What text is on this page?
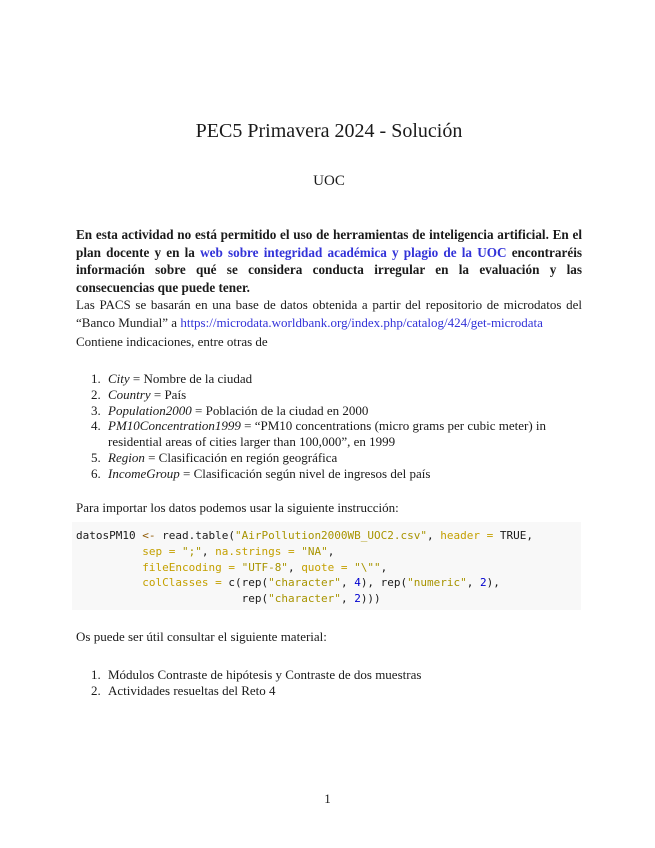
PEC5 Primavera 2024 - Solución
UOC
En esta actividad no está permitido el uso de herramientas de inteligencia artificial. En el plan docente y en la web sobre integridad académica y plagio de la UOC encontraréis información sobre qué se considera conducta irregular en la evaluación y las consecuencias que puede tener.
Las PACS se basarán en una base de datos obtenida a partir del repositorio de microdatos del “Banco Mundial” a https://microdata.worldbank.org/index.php/catalog/424/get-microdata
Contiene indicaciones, entre otras de
1. City = Nombre de la ciudad
2. Country = País
3. Population2000 = Población de la ciudad en 2000
4. PM10Concentration1999 = “PM10 concentrations (micro grams per cubic meter) in residential areas of cities larger than 100,000”, en 1999
5. Region = Clasificación en región geográfica
6. IncomeGroup = Clasificación según nivel de ingresos del país
Para importar los datos podemos usar la siguiente instrucción:
datosPM10 <- read.table("AirPollution2000WB_UOC2.csv", header = TRUE,
sep = ";", na.strings = "NA",
fileEncoding = "UTF-8", quote = "\"",
colClasses = c(rep("character", 4), rep("numeric", 2),
rep("character", 2)))
Os puede ser útil consultar el siguiente material:
1. Módulos Contraste de hipótesis y Contraste de dos muestras
2. Actividades resueltas del Reto 4
1
